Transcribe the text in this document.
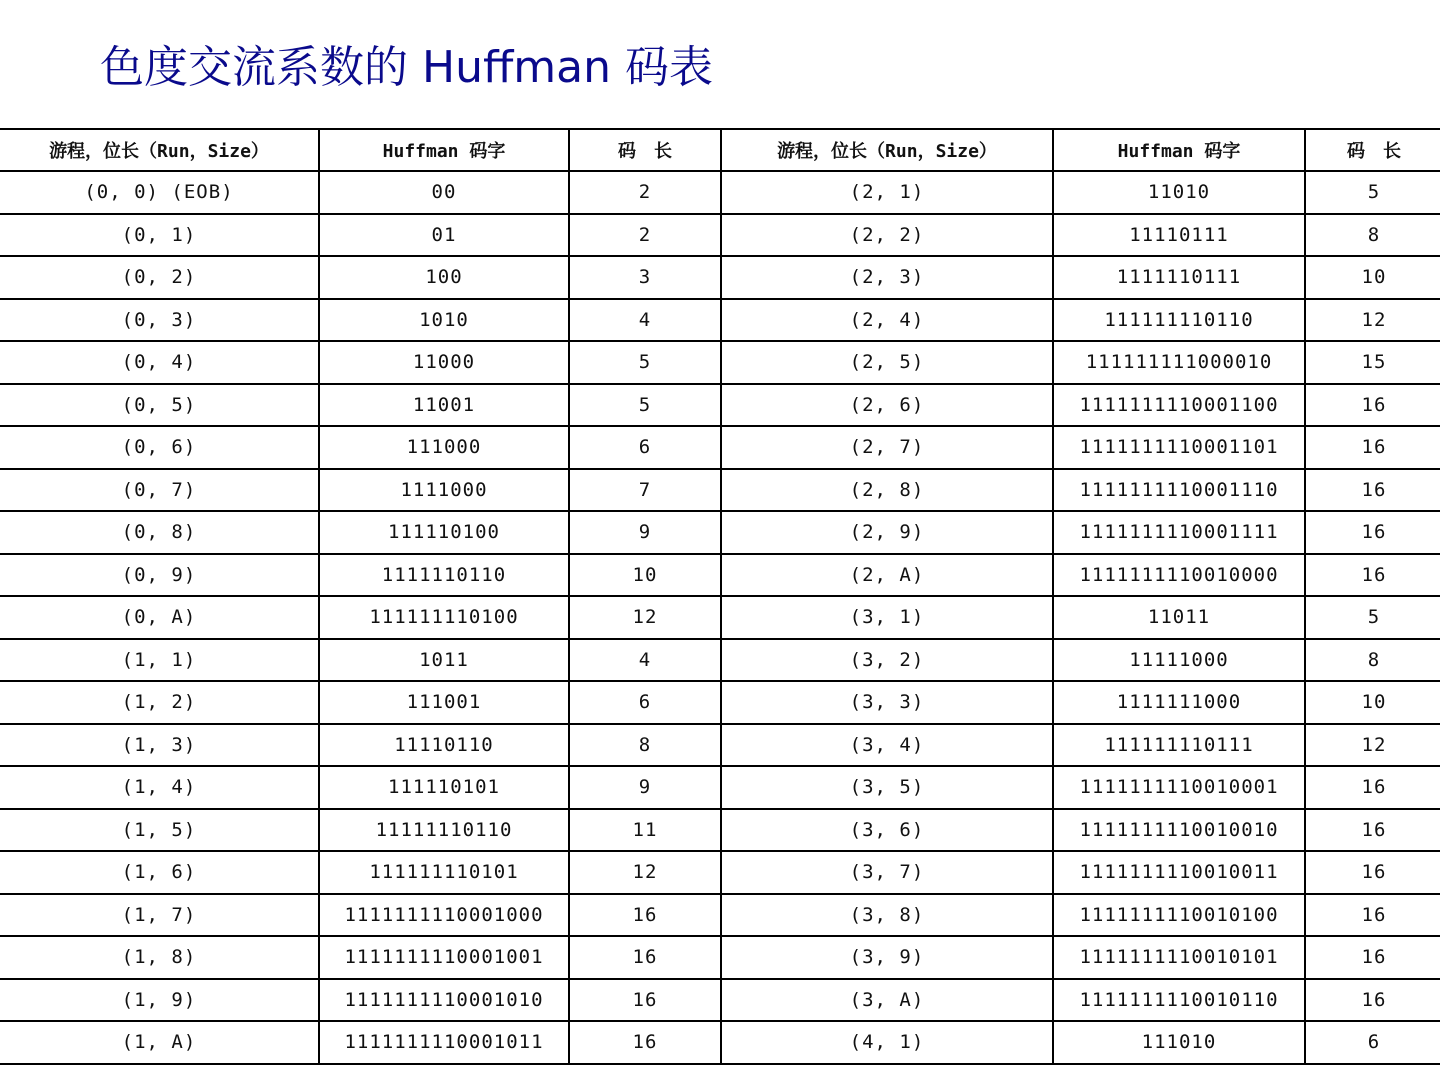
色度交流系数的 Huffman 码表
游程，位长（Run，Size）	Huffman 码字	码　长	游程，位长（Run，Size）	Huffman 码字	码　长
(0, 0) (EOB)	00	2	(2, 1)	11010	5
(0, 1)	01	2	(2, 2)	11110111	8
(0, 2)	100	3	(2, 3)	1111110111	10
(0, 3)	1010	4	(2, 4)	111111110110	12
(0, 4)	11000	5	(2, 5)	111111111000010	15
(0, 5)	11001	5	(2, 6)	1111111110001100	16
(0, 6)	111000	6	(2, 7)	1111111110001101	16
(0, 7)	1111000	7	(2, 8)	1111111110001110	16
(0, 8)	111110100	9	(2, 9)	1111111110001111	16
(0, 9)	1111110110	10	(2, A)	1111111110010000	16
(0, A)	111111110100	12	(3, 1)	11011	5
(1, 1)	1011	4	(3, 2)	11111000	8
(1, 2)	111001	6	(3, 3)	1111111000	10
(1, 3)	11110110	8	(3, 4)	111111110111	12
(1, 4)	111110101	9	(3, 5)	1111111110010001	16
(1, 5)	11111110110	11	(3, 6)	1111111110010010	16
(1, 6)	111111110101	12	(3, 7)	1111111110010011	16
(1, 7)	1111111110001000	16	(3, 8)	1111111110010100	16
(1, 8)	1111111110001001	16	(3, 9)	1111111110010101	16
(1, 9)	1111111110001010	16	(3, A)	1111111110010110	16
(1, A)	1111111110001011	16	(4, 1)	111010	6
